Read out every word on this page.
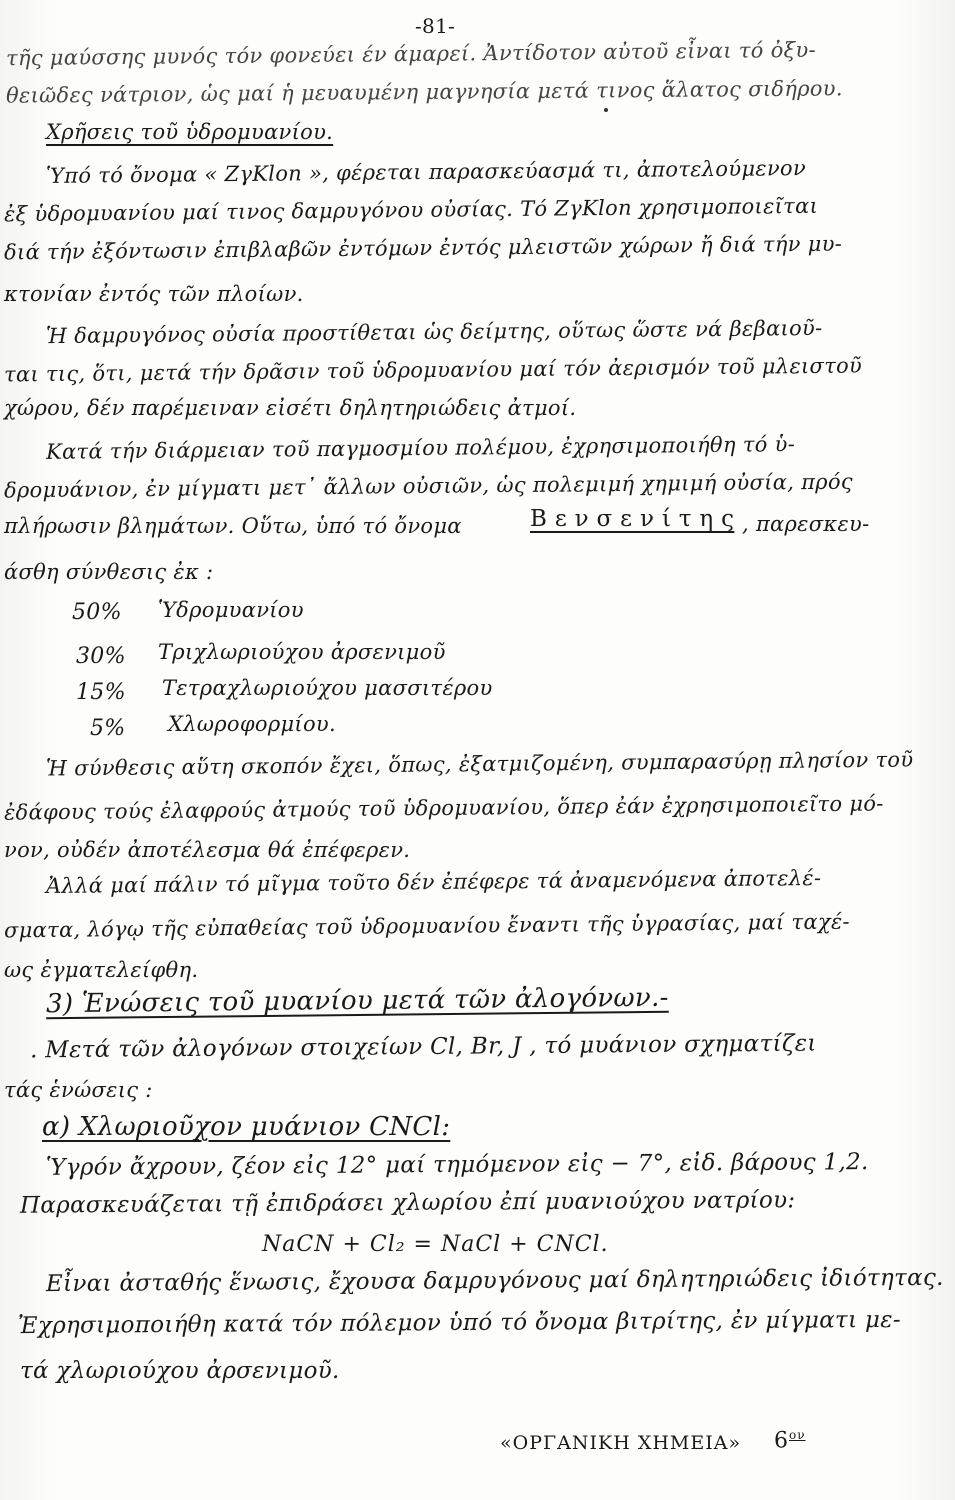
-81-
τῆς μαύσσης μυνός τόν φονεύει έν άμαρεί. Ἀντίδοτον αὐτοῦ εἶναι τό ὀξυ-
θειῶδες νάτριον, ὡς μαί ἡ μευαυμένη μαγνησία μετά τινος ἅλατος σιδήρου.
Χρῆσεις τοῦ ὑδρομυανίου.
Ὑπό τό ὄνομα « ΖγΚlon », φέρεται παρασκεύασμά τι, ἀποτελούμενον
ἐξ ὑδρομυανίου μαί τινος δαμρυγόνου οὐσίας. Τό ΖγΚlon χρησιμοποιεῖται
διά τήν ἐξόντωσιν ἐπιβλαβῶν ἐντόμων ἐντός μλειστῶν χώρων ἤ διά τήν μυ-
κτονίαν ἐντός τῶν πλοίων.
Ἡ δαμρυγόνος οὐσία προστίθεται ὡς δείμτης, οὕτως ὥστε νά βεβαιοῦ-
ται τις, ὅτι, μετά τήν δρᾶσιν τοῦ ὑδρομυανίου μαί τόν ἀερισμόν τοῦ μλειστοῦ
χώρου, δέν παρέμειναν εἰσέτι δηλητηριώδεις ἀτμοί.
Κατά τήν διάρμειαν τοῦ παγμοσμίου πολέμου, ἐχρησιμοποιήθη τό ὑ-
δρομυάνιον, ἐν μίγματι μετ᾽ ἄλλων οὐσιῶν, ὡς πολεμιμή χημιμή οὐσία, πρός
πλήρωσιν βλημάτων. Οὕτω, ὑπό τό ὄνομα	Β ε ν σ ε ν ί τ η ς , παρεσκευ-
άσθη σύνθεσις ἐκ :
50% Ὑδρομυανίου
30% Τριχλωριούχου ἀρσενιμοῦ
15% Τετραχλωριούχου μασσιτέρου
5% Χλωροφορμίου.
Ἡ σύνθεσις αὕτη σκοπόν ἔχει, ὅπως, ἐξατμιζομένη, συμπαρασύρῃ πλησίον τοῦ
ἐδάφους τούς ἐλαφρούς ἀτμούς τοῦ ὑδρομυανίου, ὅπερ ἐάν ἐχρησιμοποιεῖτο μό-
νον, οὐδέν ἀποτέλεσμα θά ἐπέφερεν.
Ἀλλά μαί πάλιν τό μῖγμα τοῦτο δέν ἐπέφερε τά ἀναμενόμενα ἀποτελέ-
σματα, λόγῳ τῆς εὐπαθείας τοῦ ὑδρομυανίου ἔναντι τῆς ὑγρασίας, μαί ταχέ-
ως ἐγματελείφθη.
3) Ἑνώσεις τοῦ μυανίου μετά τῶν ἀλογόνων.-
. Μετά τῶν ἀλογόνων στοιχείων Cl, Br, J , τό μυάνιον σχηματίζει
τάς ἑνώσεις :
α) Χλωριοῦχον μυάνιον CNCl:
Ὑγρόν ἄχρουν, ζέον εἰς 12° μαί τημόμενον εἰς − 7°, εἰδ. βάρους 1,2.
Παρασκευάζεται τῇ ἐπιδράσει χλωρίου ἐπί μυανιούχου νατρίου:
NaCN + Cl₂ = NaCl + CNCl.
Εἶναι ἀσταθής ἕνωσις, ἔχουσα δαμρυγόνους μαί δηλητηριώδεις ἰδιότητας.
Ἐχρησιμοποιήθη κατά τόν πόλεμον ὑπό τό ὄνομα βιτρίτης, ἐν μίγματι με-
τά χλωριούχου ἀρσενιμοῦ.
«ΟΡΓΑΝΙΚΗ ΧΗΜΕΙΑ» $6^{o\nu}$
